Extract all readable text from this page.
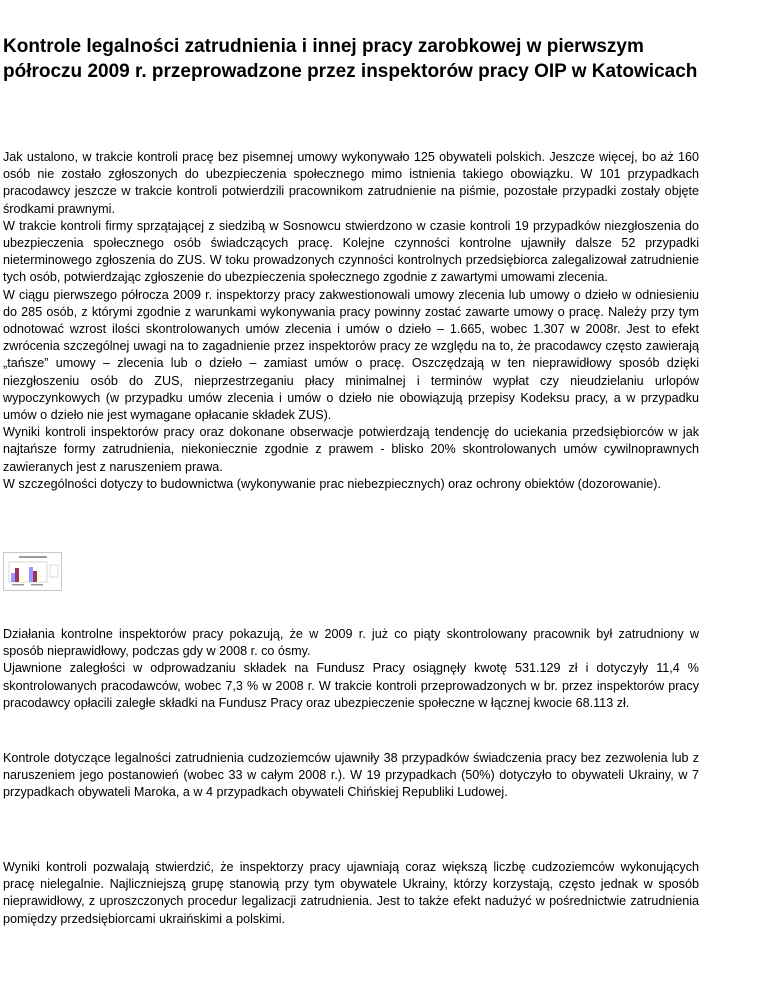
Kontrole legalności zatrudnienia i innej pracy zarobkowej w pierwszym półroczu 2009 r. przeprowadzone przez inspektorów pracy OIP w Katowicach

Jak ustalono, w trakcie kontroli pracę bez pisemnej umowy wykonywało 125 obywateli polskich. Jeszcze więcej, bo aż 160 osób nie zostało zgłoszonych do ubezpieczenia społecznego mimo istnienia takiego obowiązku. W 101 przypadkach pracodawcy jeszcze w trakcie kontroli potwierdzili pracownikom zatrudnienie na piśmie, pozostałe przypadki zostały objęte środkami prawnymi.

W trakcie kontroli firmy sprzątającej z siedzibą w Sosnowcu stwierdzono w czasie kontroli 19 przypadków niezgłoszenia do ubezpieczenia społecznego osób świadczących pracę. Kolejne czynności kontrolne ujawniły dalsze 52 przypadki nieterminowego zgłoszenia do ZUS. W toku prowadzonych czynności kontrolnych przedsiębiorca zalegalizował zatrudnienie tych osób, potwierdzając zgłoszenie do ubezpieczenia społecznego zgodnie z zawartymi umowami zlecenia.

W ciągu pierwszego półrocza 2009 r. inspektorzy pracy zakwestionowali umowy zlecenia lub umowy o dzieło w odniesieniu do 285 osób, z którymi zgodnie z warunkami wykonywania pracy powinny zostać zawarte umowy o pracę. Należy przy tym odnotować wzrost ilości skontrolowanych umów zlecenia i umów o dzieło – 1.665, wobec 1.307 w 2008r. Jest to efekt zwrócenia szczególnej uwagi na to zagadnienie przez inspektorów pracy ze względu na to, że pracodawcy często zawierają „tańsze” umowy – zlecenia lub o dzieło – zamiast umów o pracę. Oszczędzają w ten nieprawidłowy sposób dzięki niezgłoszeniu osób do ZUS, nieprzestrzeganiu płacy minimalnej i terminów wypłat czy nieudzielaniu urlopów wypoczynkowych (w przypadku umów zlecenia i umów o dzieło nie obowiązują przepisy Kodeksu pracy, a w przypadku umów o dzieło nie jest wymagane opłacanie składek ZUS).

Wyniki kontroli inspektorów pracy oraz dokonane obserwacje potwierdzają tendencję do uciekania przedsiębiorców w jak najtańsze formy zatrudnienia, niekoniecznie zgodnie z prawem - blisko 20% skontrolowanych umów cywilnoprawnych zawieranych jest z naruszeniem prawa.

W szczególności dotyczy to budownictwa (wykonywanie prac niebezpiecznych) oraz ochrony obiektów (dozorowanie).

Działania kontrolne inspektorów pracy pokazują, że w 2009 r. już co piąty skontrolowany pracownik był zatrudniony w sposób nieprawidłowy, podczas gdy w 2008 r. co ósmy.

Ujawnione zaległości w odprowadzaniu składek na Fundusz Pracy osiągnęły kwotę 531.129 zł i dotyczyły 11,4 % skontrolowanych pracodawców, wobec 7,3 % w 2008 r. W trakcie kontroli przeprowadzonych w br. przez inspektorów pracy pracodawcy opłacili zaległe składki na Fundusz Pracy oraz ubezpieczenie społeczne w łącznej kwocie 68.113 zł.

Kontrole dotyczące legalności zatrudnienia cudzoziemców ujawniły 38 przypadków świadczenia pracy bez zezwolenia lub z naruszeniem jego postanowień (wobec 33 w całym 2008 r.). W 19 przypadkach (50%) dotyczyło to obywateli Ukrainy, w 7 przypadkach obywateli Maroka, a w 4 przypadkach obywateli Chińskiej Republiki Ludowej.

Wyniki kontroli pozwalają stwierdzić, że inspektorzy pracy ujawniają coraz większą liczbę cudzoziemców wykonujących pracę nielegalnie. Najliczniejszą grupę stanowią przy tym obywatele Ukrainy, którzy korzystają, często jednak w sposób nieprawidłowy, z uproszczonych procedur legalizacji zatrudnienia. Jest to także efekt nadużyć w pośrednictwie zatrudnienia pomiędzy przedsiębiorcami ukraińskimi a polskimi.
